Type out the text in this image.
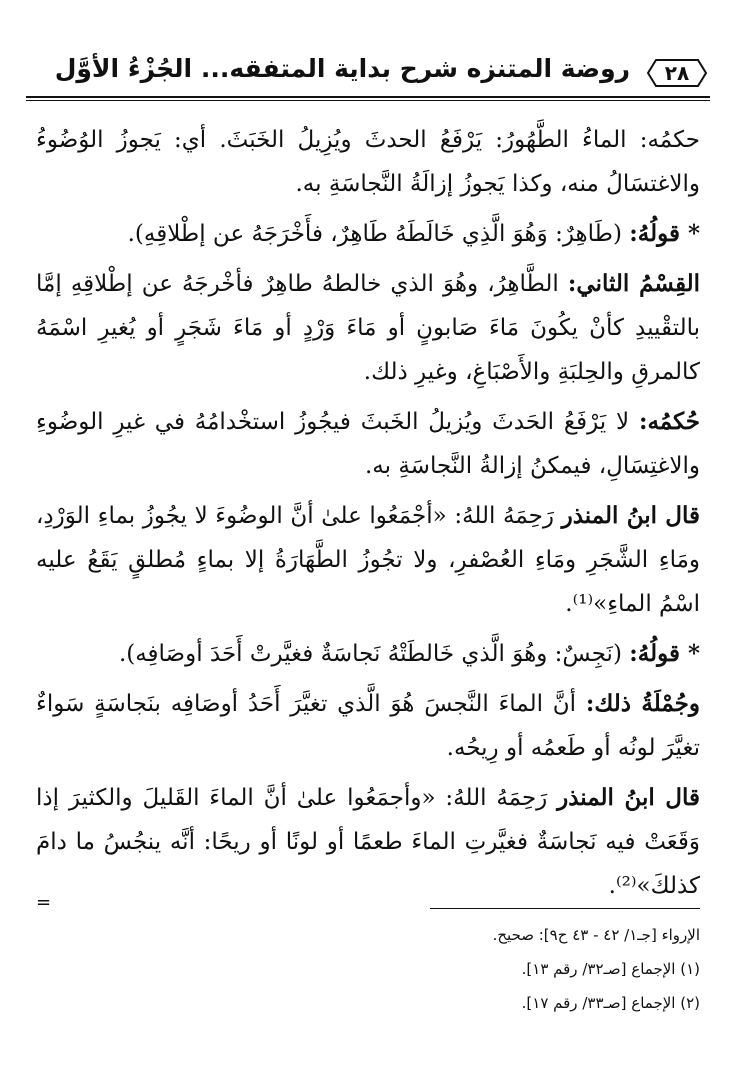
٢٨
روضة المتنزه شرح بداية المتفقه... الجُزْءُ الأوَّل

حكمُه: الماءُ الطَّهُورُ: يَرْفَعُ الحدثَ ويُزِيلُ الخَبَثَ. أي: يَجوزُ الوُضُوءُ والاغتسَالُ منه، وكذا يَجوزُ إزالَةُ النَّجاسَةِ به.

* قولُهُ: (طَاهِرٌ: وَهُوَ الَّذِي خَالَطَهُ طَاهِرٌ، فأَخْرَجَهُ عن إطْلاقِهِ).

القِسْمُ الثاني: الطَّاهِرُ، وهُوَ الذي خالطهُ طاهِرٌ فأخْرجَهُ عن إطْلاقِهِ إمَّا بالتقْييدِ كأنْ يكُونَ مَاءَ صَابونٍ أو مَاءَ وَرْدٍ أو مَاءَ شَجَرٍ أو يُغيرِ اسْمَهُ كالمرقِ والحِلبَةِ والأَصْبَاغِ، وغيرِ ذلك.

حُكمُه: لا يَرْفَعُ الحَدثَ ويُزيلُ الخَبثَ فيجُوزُ استخْدامُهُ في غيرِ الوضُوءِ والاغتِسَالِ، فيمكنُ إزالةُ النَّجاسَةِ به.

قال ابنُ المنذر رَحِمَهُ اللهُ: «أجْمَعُوا علىٰ أنَّ الوضُوءَ لا يجُوزُ بماءِ الوَرْدِ، ومَاءِ الشَّجَرِ ومَاءِ العُصْفرِ، ولا تجُوزُ الطَّهَارَةُ إلا بماءٍ مُطلقٍ يَقَعُ عليه اسْمُ الماءِ»⁽¹⁾.

* قولُهُ: (نَجِسٌ: وهُوَ الَّذي خَالطَتْهُ نَجاسَةٌ فغيَّرتْ أَحَدَ أوصَافِه).

وجُمْلَةُ ذلك: أنَّ الماءَ النَّجسَ هُوَ الَّذي تغيَّرَ أَحَدُ أوصَافِه بنَجاسَةٍ سَواءٌ تغيَّرَ لونُه أو طَعمُه أو رِيحُه.

قال ابنُ المنذر رَحِمَهُ اللهُ: «وأجمَعُوا علىٰ أنَّ الماءَ القَليلَ والكثيرَ إذا وَقَعَتْ فيه نَجاسَةٌ فغيَّرتِ الماءَ طعمًا أو لونًا أو ريحًا: أنَّه ينجُسُ ما دامَ كذلكَ»⁽²⁾.

=
الإرواء [جـ١/ ٤٢ - ٤٣ ح٩]: صحيح.
(١) الإجماع [صـ٣٢/ رقم ١٣].
(٢) الإجماع [صـ٣٣/ رقم ١٧].
